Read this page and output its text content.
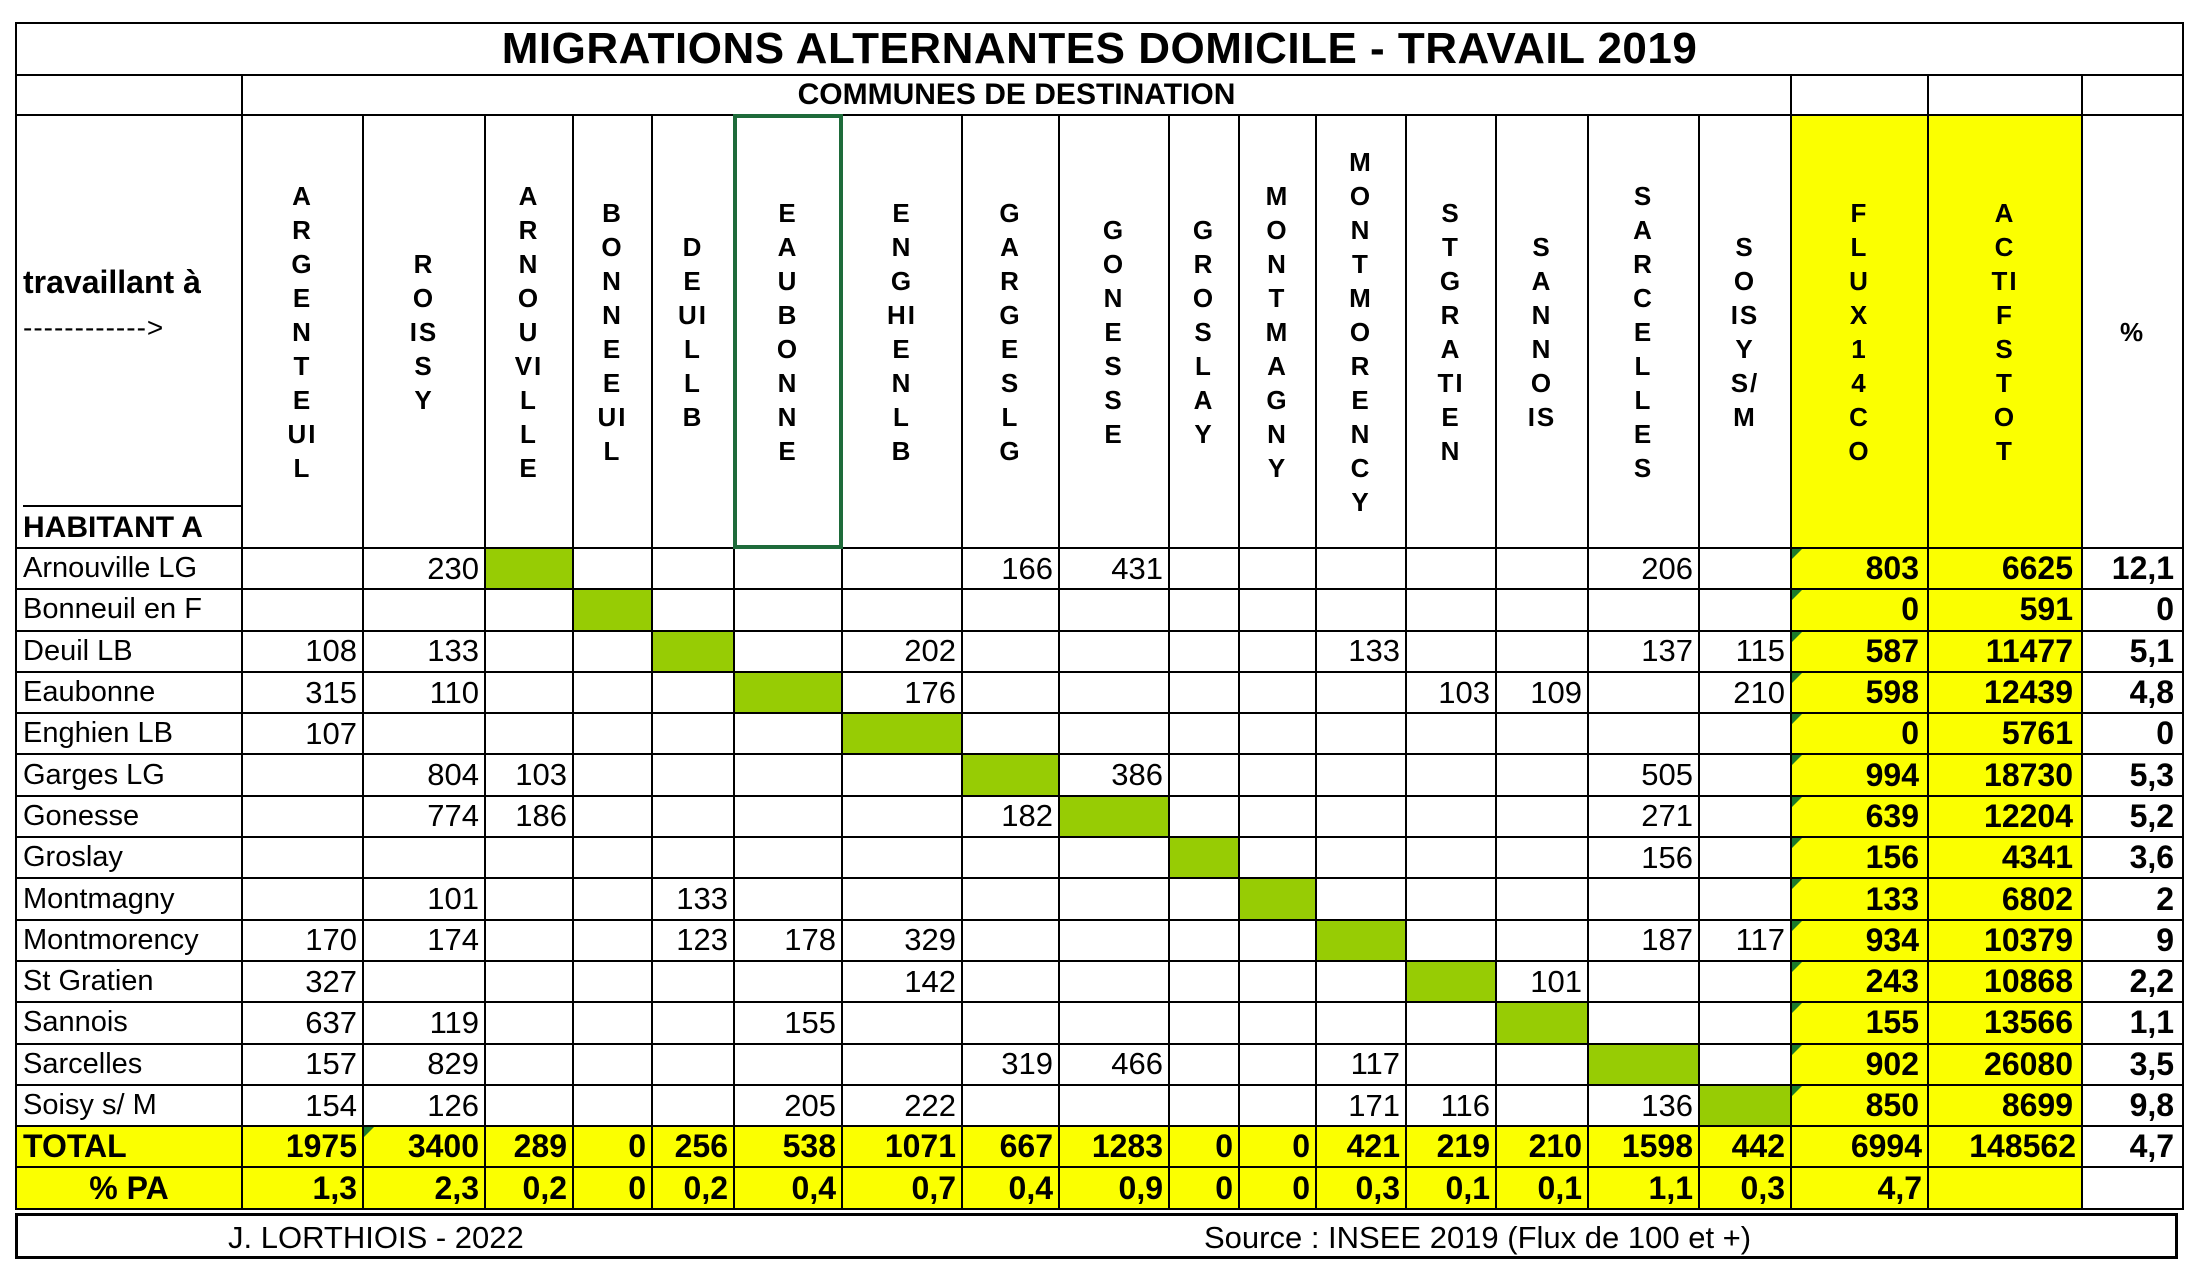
MIGRATIONS ALTERNANTES DOMICILE - TRAVAIL 2019																			
	COMMUNES DE DESTINATION																		

travaillant à
------------>
HABITANT A	ARGENTEUIL	ROISSY	ARNOUVILLE	BONNEEUIL	DEUIL LB	EAUBONNE	ENGHIEN LB	GARGES LG	GONESSE	GROSLAY	MONTMAGNY	MONTMORENCY	ST GRATIEN	SANNOIS	SARCELLES	SOISY S/M	FLUX 14 CO	ACTIFS TOT	%
Arnouville LG		230						166	431						206		803	6625	12,1
Bonneuil en F																	0	591	0
Deuil LB	108	133					202					133			137	115	587	11477	5,1
Eaubonne	315	110					176						103	109		210	598	12439	4,8
Enghien LB	107																0	5761	0
Garges LG		804	103						386						505		994	18730	5,3
Gonesse		774	186					182							271		639	12204	5,2
Groslay															156		156	4341	3,6
Montmagny		101			133												133	6802	2
Montmorency	170	174			123	178	329								187	117	934	10379	9
St Gratien	327						142							101			243	10868	2,2
Sannois	637	119				155											155	13566	1,1
Sarcelles	157	829						319	466			117					902	26080	3,5
Soisy s/ M	154	126				205	222					171	116		136		850	8699	9,8
TOTAL	1975	3400	289	0	256	538	1071	667	1283	0	0	421	219	210	1598	442	6994	148562	4,7
% PA	1,3	2,3	0,2	0	0,2	0,4	0,7	0,4	0,9	0	0	0,3	0,1	0,1	1,1	0,3	4,7		
J. LORTHIOIS - 2022	Source : INSEE 2019 (Flux de 100 et +)
